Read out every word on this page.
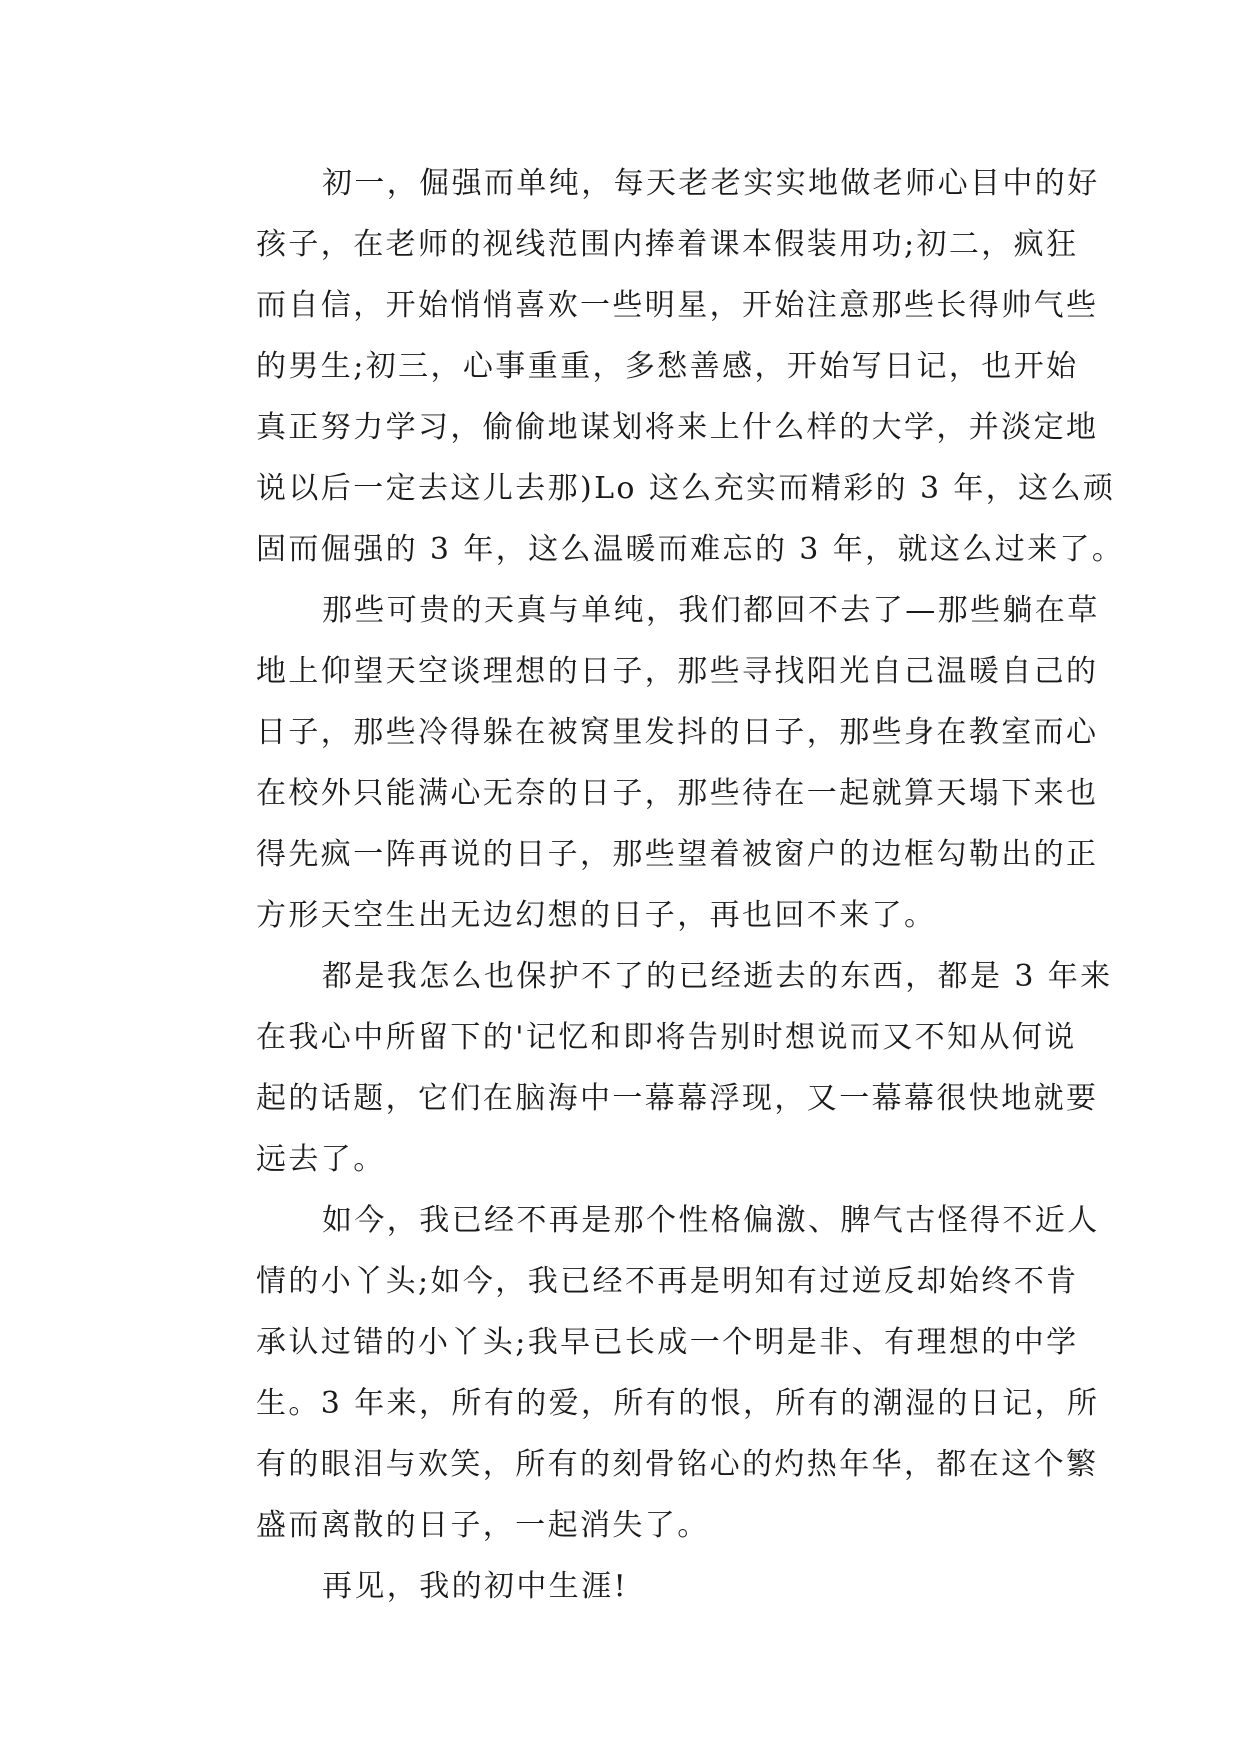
初一，倔强而单纯，每天老老实实地做老师心目中的好
孩子，在老师的视线范围内捧着课本假装用功;初二，疯狂
而自信，开始悄悄喜欢一些明星，开始注意那些长得帅气些
的男生;初三，心事重重，多愁善感，开始写日记，也开始
真正努力学习，偷偷地谋划将来上什么样的大学，并淡定地
说以后一定去这儿去那)Lo 这么充实而精彩的 3 年，这么顽
固而倔强的 3 年，这么温暖而难忘的 3 年，就这么过来了。
那些可贵的天真与单纯，我们都回不去了—那些躺在草
地上仰望天空谈理想的日子，那些寻找阳光自己温暖自己的
日子，那些冷得躲在被窝里发抖的日子，那些身在教室而心
在校外只能满心无奈的日子，那些待在一起就算天塌下来也
得先疯一阵再说的日子，那些望着被窗户的边框勾勒出的正
方形天空生出无边幻想的日子，再也回不来了。
都是我怎么也保护不了的已经逝去的东西，都是 3 年来
在我心中所留下的'记忆和即将告别时想说而又不知从何说
起的话题，它们在脑海中一幕幕浮现，又一幕幕很快地就要
远去了。
如今，我已经不再是那个性格偏激、脾气古怪得不近人
情的小丫头;如今，我已经不再是明知有过逆反却始终不肯
承认过错的小丫头;我早已长成一个明是非、有理想的中学
生。3 年来，所有的爱，所有的恨，所有的潮湿的日记，所
有的眼泪与欢笑，所有的刻骨铭心的灼热年华，都在这个繁
盛而离散的日子，一起消失了。
再见，我的初中生涯!
